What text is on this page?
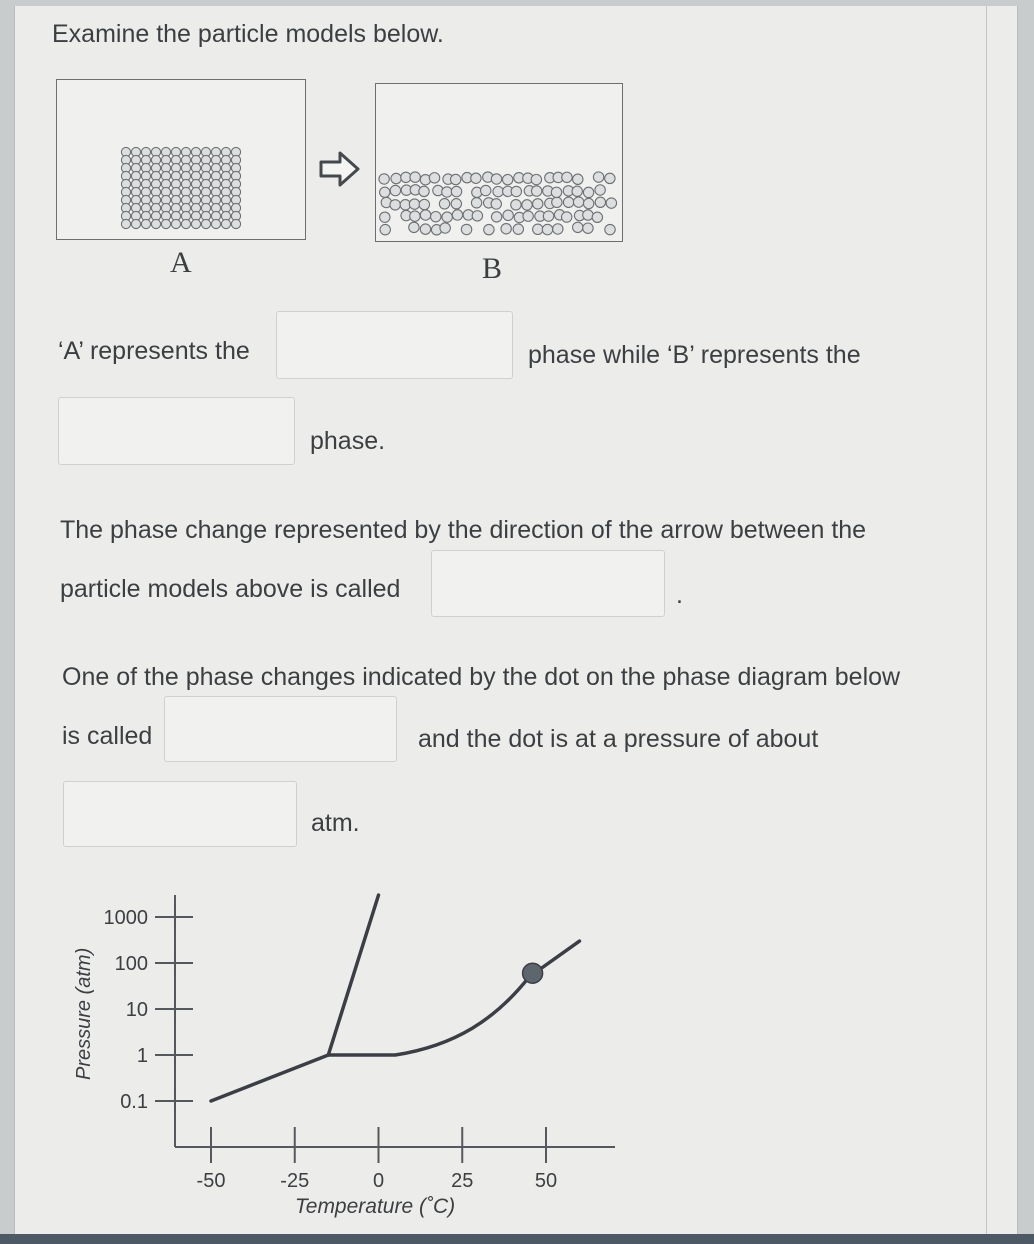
Examine the particle models below.
A	B
‘A’ represents the	phase while ‘B’ represents the
phase.
The phase change represented by the direction of the arrow between the
particle models above is called	.
One of the phase changes indicated by the dot on the phase diagram below
is called	and the dot is at a pressure of about
atm.
1000
100
10
1
0.1
-50	-25	0	25	50
Pressure (atm)
Temperature (˚C)
